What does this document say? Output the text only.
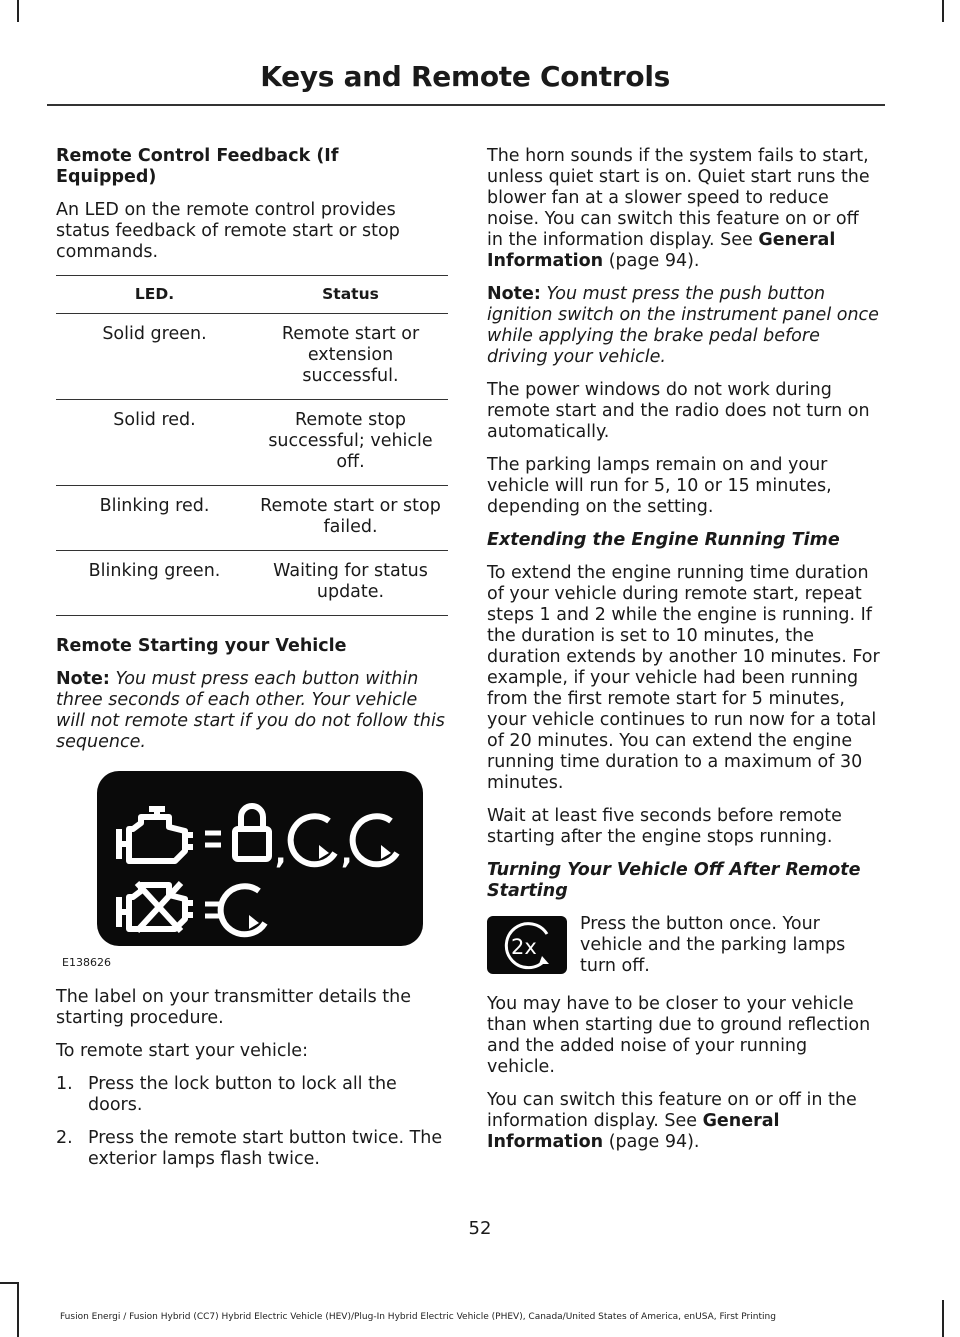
Keys and Remote Controls
Remote Control Feedback (If Equipped)

An LED on the remote control provides status feedback of remote start or stop commands.

LED.	Status
Solid green.	Remote start or extension successful.
Solid red.	Remote stop successful; vehicle off.
Blinking red.	Remote start or stop failed.
Blinking green.	Waiting for status update.
Remote Starting your Vehicle

Note: You must press each button within three seconds of each other. Your vehicle will not remote start if you do not follow this sequence.

, ,
E138626

The label on your transmitter details the starting procedure.

To remote start your vehicle:

1. Press the lock button to lock all the doors.
2. Press the remote start button twice. The exterior lamps flash twice.

The horn sounds if the system fails to start, unless quiet start is on. Quiet start runs the blower fan at a slower speed to reduce noise. You can switch this feature on or off in the information display. See General Information (page 94).

Note: You must press the push button ignition switch on the instrument panel once while applying the brake pedal before driving your vehicle.

The power windows do not work during remote start and the radio does not turn on automatically.

The parking lamps remain on and your vehicle will run for 5, 10 or 15 minutes, depending on the setting.

Extending the Engine Running Time

To extend the engine running time duration of your vehicle during remote start, repeat steps 1 and 2 while the engine is running. If the duration is set to 10 minutes, the duration extends by another 10 minutes. For example, if your vehicle had been running from the first remote start for 5 minutes, your vehicle continues to run now for a total of 20 minutes. You can extend the engine running time duration to a maximum of 30 minutes.

Wait at least five seconds before remote starting after the engine stops running.

Turning Your Vehicle Off After Remote Starting
2x
Press the button once. Your vehicle and the parking lamps turn off.

You may have to be closer to your vehicle than when starting due to ground reflection and the added noise of your running vehicle.

You can switch this feature on or off in the information display. See General Information (page 94).

52
Fusion Energi / Fusion Hybrid (CC7) Hybrid Electric Vehicle (HEV)/Plug-In Hybrid Electric Vehicle (PHEV), Canada/United States of America, enUSA, First Printing
